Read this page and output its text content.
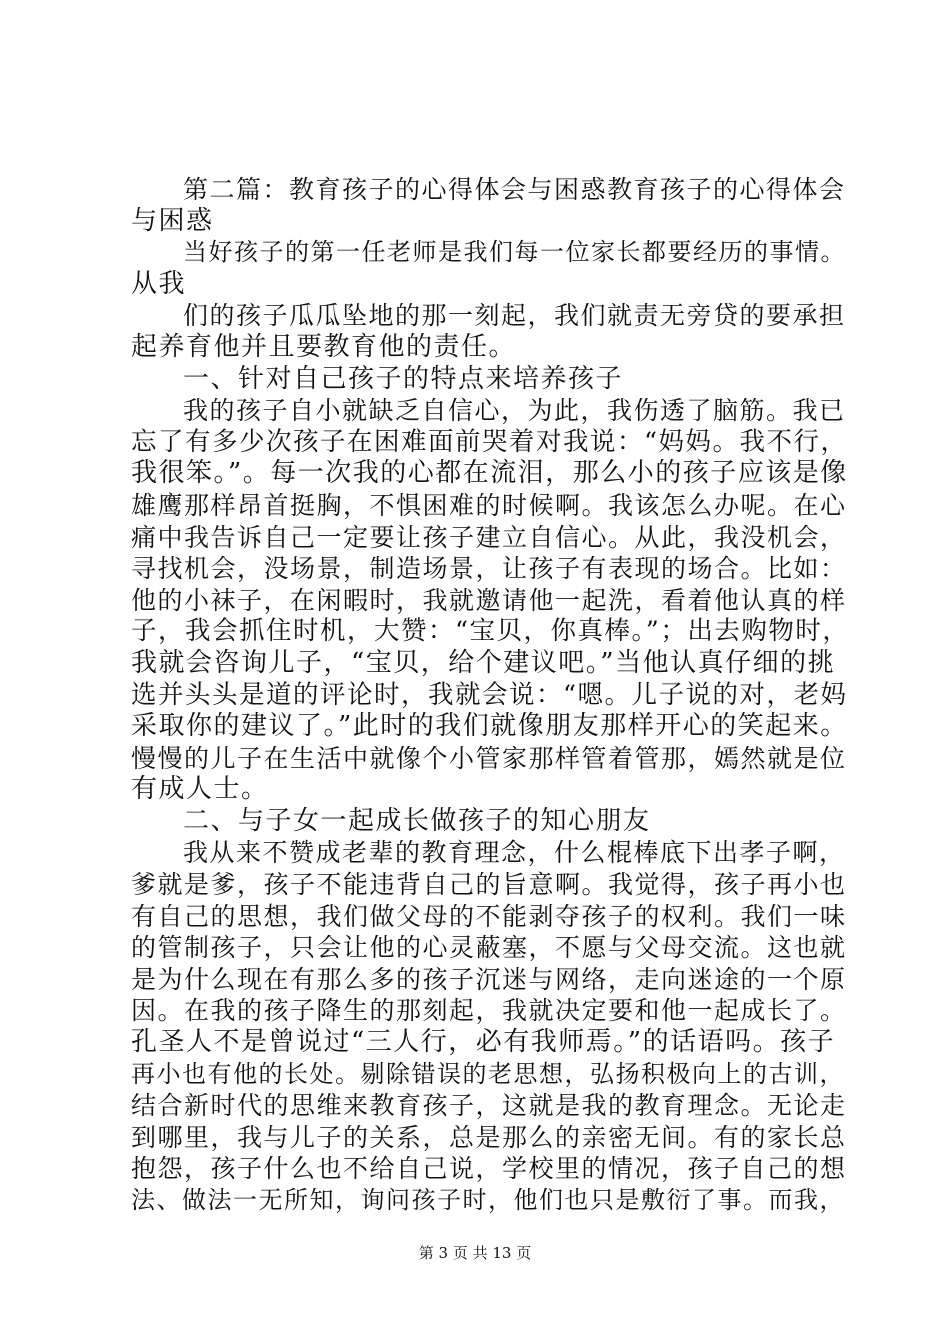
第二篇：教育孩子的心得体会与困惑教育孩子的心得体会
与困惑
当好孩子的第一任老师是我们每一位家长都要经历的事情。
从我
们的孩子瓜瓜坠地的那一刻起，我们就责无旁贷的要承担
起养育他并且要教育他的责任。
一、针对自己孩子的特点来培养孩子
我的孩子自小就缺乏自信心，为此，我伤透了脑筋。我已
忘了有多少次孩子在困难面前哭着对我说：“妈妈。我不行，
我很笨。”。每一次我的心都在流泪，那么小的孩子应该是像
雄鹰那样昂首挺胸，不惧困难的时候啊。我该怎么办呢。在心
痛中我告诉自己一定要让孩子建立自信心。从此，我没机会，
寻找机会，没场景，制造场景，让孩子有表现的场合。比如：
他的小袜子，在闲暇时，我就邀请他一起洗，看着他认真的样
子，我会抓住时机，大赞：“宝贝，你真棒。”；出去购物时，
我就会咨询儿子，“宝贝，给个建议吧。”当他认真仔细的挑
选并头头是道的评论时，我就会说：“嗯。儿子说的对，老妈
采取你的建议了。”此时的我们就像朋友那样开心的笑起来。
慢慢的儿子在生活中就像个小管家那样管着管那，嫣然就是位
有成人士。
二、与子女一起成长做孩子的知心朋友
我从来不赞成老辈的教育理念，什么棍棒底下出孝子啊，
爹就是爹，孩子不能违背自己的旨意啊。我觉得，孩子再小也
有自己的思想，我们做父母的不能剥夺孩子的权利。我们一味
的管制孩子，只会让他的心灵蔽塞，不愿与父母交流。这也就
是为什么现在有那么多的孩子沉迷与网络，走向迷途的一个原
因。在我的孩子降生的那刻起，我就决定要和他一起成长了。
孔圣人不是曾说过“三人行，必有我师焉。”的话语吗。孩子
再小也有他的长处。剔除错误的老思想，弘扬积极向上的古训，
结合新时代的思维来教育孩子，这就是我的教育理念。无论走
到哪里，我与儿子的关系，总是那么的亲密无间。有的家长总
抱怨，孩子什么也不给自己说，学校里的情况，孩子自己的想
法、做法一无所知，询问孩子时，他们也只是敷衍了事。而我，
第 3 页 共 13 页
